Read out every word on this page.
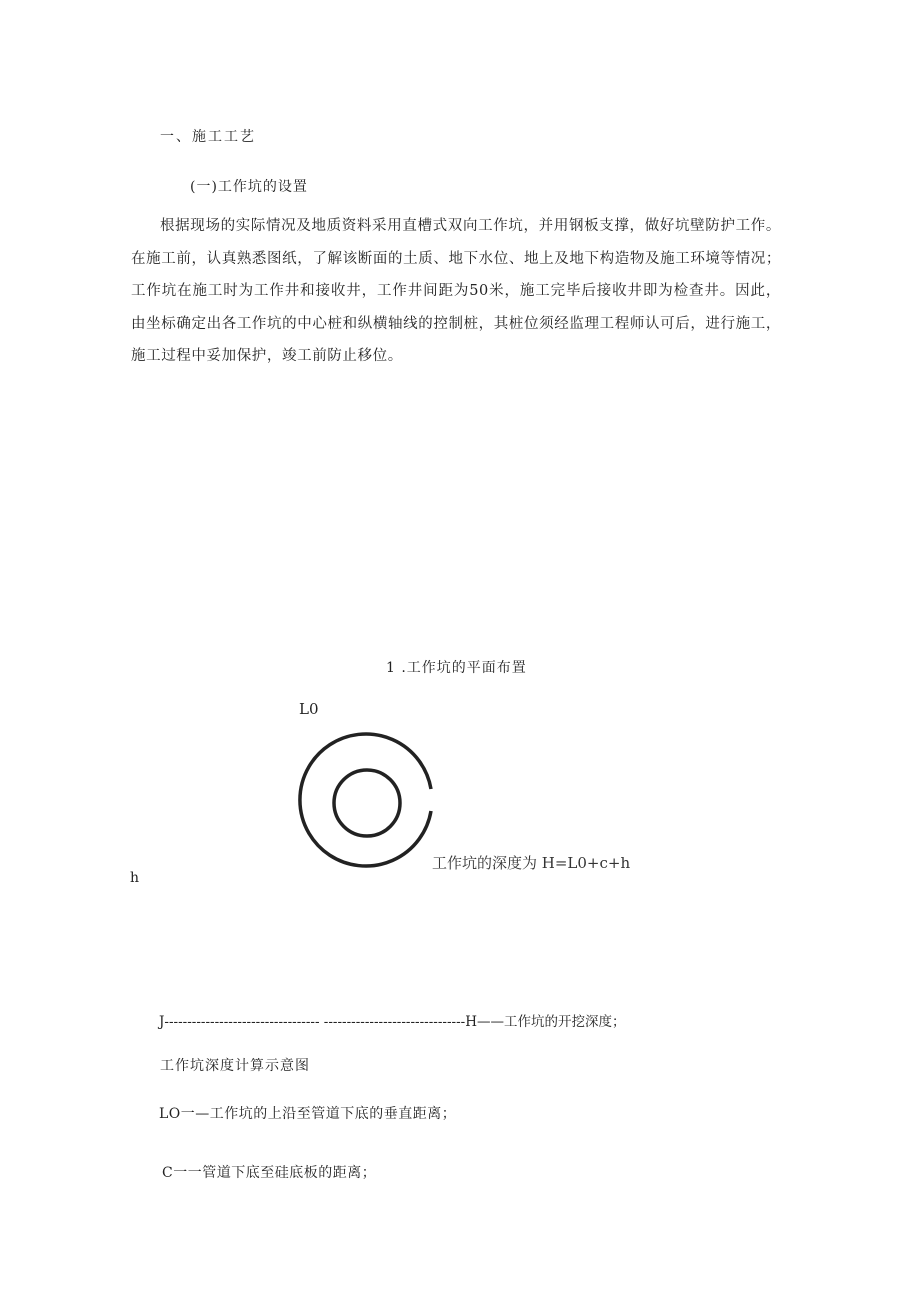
一、施工工艺
(一)工作坑的设置
根据现场的实际情况及地质资料采用直槽式双向工作坑，并用钢板支撑，做好坑壁防护工作。在施工前，认真熟悉图纸，了解该断面的土质、地下水位、地上及地下构造物及施工环境等情况；工作坑在施工时为工作井和接收井，工作井间距为50米，施工完毕后接收井即为检查井。因此，由坐标确定出各工作坑的中心桩和纵横轴线的控制桩，其桩位须经监理工程师认可后，进行施工，施工过程中妥加保护，竣工前防止移位。
1 .工作坑的平面布置
L0
工作坑的深度为 H=L0+c+h
h
J---------------------------------- -------------------------------H——工作坑的开挖深度；
工作坑深度计算示意图
LO一—工作坑的上沿至管道下底的垂直距离；
C一一管道下底至硅底板的距离；
